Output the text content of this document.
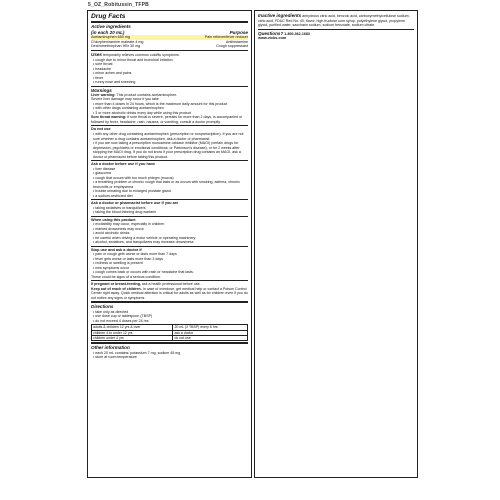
5_OZ_Robitussin_TFPB
Drug Facts
Active ingredients
(in each 20 mL)	Purpose
Acetaminophen 650 mg	Pain reliever/fever reducer
Chlorpheniramine maleate 4 mg	Antihistamine
Dextromethorphan HBr 30 mg	Cough suppressant
Uses temporarily relieves common cold/flu symptoms:
• cough due to minor throat and bronchial irritation
• sore throat
• headache
• minor aches and pains
• fever
• runny nose and sneezing
Warnings
Liver warning: This product contains acetaminophen.
Severe liver damage may occur if you take
• more than 4 doses in 24 hours, which is the maximum daily amount for this product
• with other drugs containing acetaminophen
• 3 or more alcoholic drinks every day while using this product
Sore throat warning: If sore throat is severe, persists for more than 2 days, is accompanied or followed by fever, headache, rash, nausea, or vomiting, consult a doctor promptly.
Do not use
• with any other drug containing acetaminophen (prescription or nonprescription). If you are not sure whether a drug contains acetaminophen, ask a doctor or pharmacist.
• if you are now taking a prescription monoamine oxidase inhibitor (MAOI) (certain drugs for depression, psychiatric or emotional conditions, or Parkinson's disease), or for 2 weeks after stopping the MAOI drug. If you do not know if your prescription drug contains an MAOI, ask a doctor or pharmacist before taking this product.
Ask a doctor before use if you have
• liver disease
• glaucoma
• cough that occurs with too much phlegm (mucus)
• a breathing problem or chronic cough that lasts or as occurs with smoking, asthma, chronic bronchitis or emphysema
• trouble urinating due to enlarged prostate gland
• a sodium-restricted diet
Ask a doctor or pharmacist before use if you are
• taking sedatives or tranquilizers
• taking the blood thinning drug warfarin
When using this product
• excitability may occur, especially in children
• marked drowsiness may occur
• avoid alcoholic drinks
• be careful when driving a motor vehicle or operating machinery
• alcohol, sedatives, and tranquilizers may increase drowsiness
Stop use and ask a doctor if
• pain or cough gets worse or lasts more than 7 days
• fever gets worse or lasts more than 3 days
• redness or swelling is present
• new symptoms occur
• cough comes back or occurs with rash or headache that lasts.
These could be signs of a serious condition.
If pregnant or breast-feeding, ask a health professional before use.
Keep out of reach of children. In case of overdose, get medical help or contact a Poison Control Center right away. Quick medical attention is critical for adults as well as for children even if you do not notice any signs or symptoms.
Directions
• take only as directed
• use dose cup or tablespoon (TBSP)
• do not exceed 4 doses per 24 hrs
adults & children 12 yrs & over	20 mL (2 TBSP) every 6 hrs
children 4 to under 12 yrs	ask a doctor
children under 4 yrs	do not use
Other information
• each 20 mL contains: potassium 7 mg, sodium 45 mg
• store at room temperature
Inactive ingredients anhydrous citric acid, benzoic acid, carboxymethylcellulose sodium, citric acid, FD&C Red No. 40, flavor, high fructose corn syrup, polyethylene glycol, propylene glycol, purified water, saccharin sodium, sodium benzoate, sodium citrate
Questions? 1-800-362-1683
www.vicks.com
